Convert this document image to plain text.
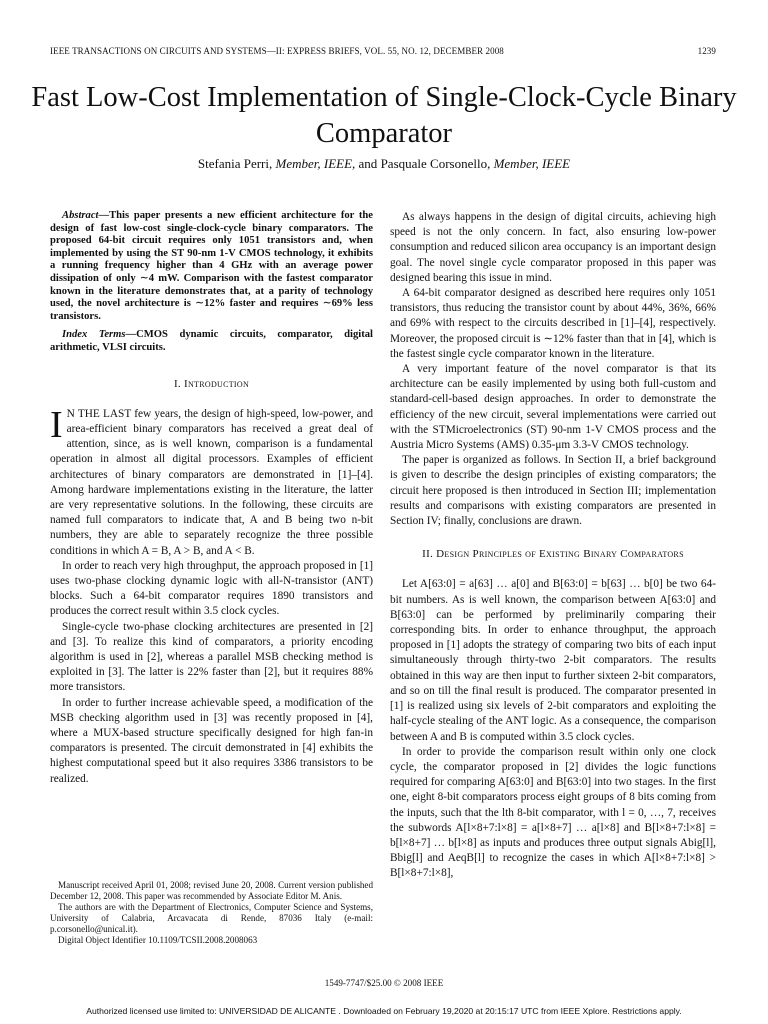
IEEE TRANSACTIONS ON CIRCUITS AND SYSTEMS—II: EXPRESS BRIEFS, VOL. 55, NO. 12, DECEMBER 2008	1239
Fast Low-Cost Implementation of Single-Clock-Cycle Binary Comparator
Stefania Perri, Member, IEEE, and Pasquale Corsonello, Member, IEEE
Abstract—This paper presents a new efficient architecture for the design of fast low-cost single-clock-cycle binary comparators. The proposed 64-bit circuit requires only 1051 transistors and, when implemented by using the ST 90-nm 1-V CMOS technology, it exhibits a running frequency higher than 4 GHz with an average power dissipation of only ∼4 mW. Comparison with the fastest comparator known in the literature demonstrates that, at a parity of technology used, the novel architecture is ∼12% faster and requires ∼69% less transistors.
Index Terms—CMOS dynamic circuits, comparator, digital arithmetic, VLSI circuits.
I. Introduction

I N THE LAST few years, the design of high-speed, low-power, and area-efficient binary comparators has received a great deal of attention, since, as is well known, comparison is a fundamental operation in almost all digital processors. Examples of efficient architectures of binary comparators are demonstrated in [1]–[4]. Among hardware implementations existing in the literature, the latter are very representative solutions. In the following, these circuits are named full comparators to indicate that, A and B being two n-bit numbers, they are able to separately recognize the three possible conditions in which A = B, A > B, and A < B.

In order to reach very high throughput, the approach proposed in [1] uses two-phase clocking dynamic logic with all-N-transistor (ANT) blocks. Such a 64-bit comparator requires 1890 transistors and produces the correct result within 3.5 clock cycles.

Single-cycle two-phase clocking architectures are presented in [2] and [3]. To realize this kind of comparators, a priority encoding algorithm is used in [2], whereas a parallel MSB checking method is exploited in [3]. The latter is 22% faster than [2], but it requires 88% more transistors.

In order to further increase achievable speed, a modification of the MSB checking algorithm used in [3] was recently proposed in [4], where a MUX-based structure specifically designed for high fan-in comparators is presented. The circuit demonstrated in [4] exhibits the highest computational speed but it also requires 3386 transistors to be realized.

Manuscript received April 01, 2008; revised June 20, 2008. Current version published December 12, 2008. This paper was recommended by Associate Editor M. Anis.

The authors are with the Department of Electronics, Computer Science and Systems, University of Calabria, Arcavacata di Rende, 87036 Italy (e-mail: p.corsonello@unical.it).

Digital Object Identifier 10.1109/TCSII.2008.2008063

As always happens in the design of digital circuits, achieving high speed is not the only concern. In fact, also ensuring low-power consumption and reduced silicon area occupancy is an important design goal. The novel single cycle comparator proposed in this paper was designed bearing this issue in mind.

A 64-bit comparator designed as described here requires only 1051 transistors, thus reducing the transistor count by about 44%, 36%, 66% and 69% with respect to the circuits described in [1]–[4], respectively. Moreover, the proposed circuit is ∼12% faster than that in [4], which is the fastest single cycle comparator known in the literature.

A very important feature of the novel comparator is that its architecture can be easily implemented by using both full-custom and standard-cell-based design approaches. In order to demonstrate the efficiency of the new circuit, several implementations were carried out with the STMicroelectronics (ST) 90-nm 1-V CMOS process and the Austria Micro Systems (AMS) 0.35-μm 3.3-V CMOS technology.

The paper is organized as follows. In Section II, a brief background is given to describe the design principles of existing comparators; the circuit here proposed is then introduced in Section III; implementation results and comparisons with existing comparators are presented in Section IV; finally, conclusions are drawn.

II. Design Principles of Existing Binary Comparators

Let A[63:0] = a[63] … a[0] and B[63:0] = b[63] … b[0] be two 64-bit numbers. As is well known, the comparison between A[63:0] and B[63:0] can be performed by preliminarily comparing their corresponding bits. In order to enhance throughput, the approach proposed in [1] adopts the strategy of comparing two bits of each input simultaneously through thirty-two 2-bit comparators. The results obtained in this way are then input to further sixteen 2-bit comparators, and so on till the final result is produced. The comparator presented in [1] is realized using six levels of 2-bit comparators and exploiting the half-cycle stealing of the ANT logic. As a consequence, the comparison between A and B is computed within 3.5 clock cycles.

In order to provide the comparison result within only one clock cycle, the comparator proposed in [2] divides the logic functions required for comparing A[63:0] and B[63:0] into two stages. In the first one, eight 8-bit comparators process eight groups of 8 bits coming from the inputs, such that the lth 8-bit comparator, with l = 0, …, 7, receives the subwords A[l×8+7:l×8] = a[l×8+7] … a[l×8] and B[l×8+7:l×8] = b[l×8+7] … b[l×8] as inputs and produces three output signals Abig[l], Bbig[l] and AeqB[l] to recognize the cases in which A[l×8+7:l×8] > B[l×8+7:l×8],

1549-7747/$25.00 © 2008 IEEE
Authorized licensed use limited to: UNIVERSIDAD DE ALICANTE . Downloaded on February 19,2020 at 20:15:17 UTC from IEEE Xplore. Restrictions apply.
